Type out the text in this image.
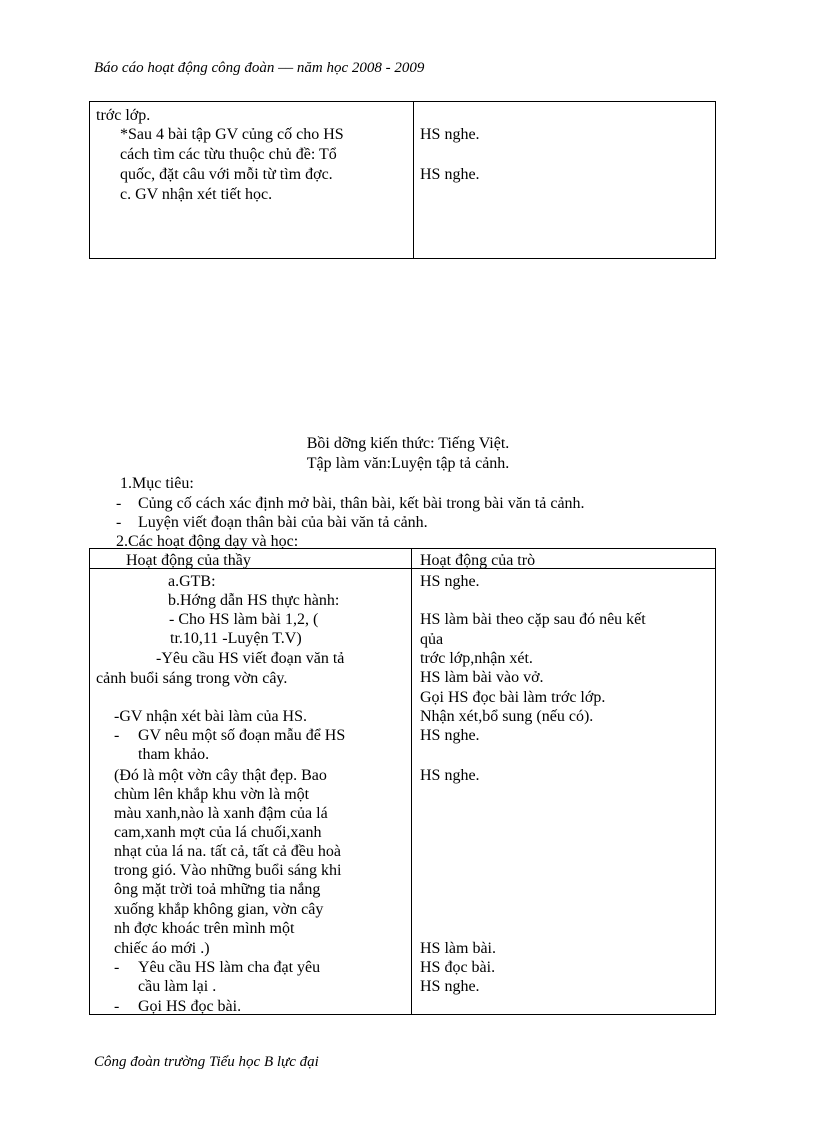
Báo cáo hoạt động công đoàn –– năm học 2008 - 2009
trớc lớp.
*Sau 4 bài tập GV củng cố cho HS
cách tìm các từu thuộc chủ đề: Tổ
quốc, đặt câu với mỗi từ tìm đợc.
c. GV nhận xét tiết học.
HS nghe.
HS nghe.
Bồi dỡng kiến thức: Tiếng Việt.
Tập làm văn:Luyện tập tả cảnh.
1.Mục tiêu:
- Củng cố cách xác định mở bài, thân bài, kết bài trong bài văn tả cảnh.
- Luyện viết đoạn thân bài của bài văn tả cảnh.
2.Các hoạt động dạy và học:
Hoạt động của thầy	Hoạt động của trò
a.GTB:
b.Hớng dẫn HS thực hành:
- Cho HS làm bài 1,2, (
tr.10,11 -Luyện T.V)
-Yêu cầu HS viết đoạn văn tả
cảnh buổi sáng trong vờn cây.
-GV nhận xét bài làm của HS.
- GV nêu một số đoạn mẫu để HS
tham khảo.
(Đó là một vờn cây thật đẹp. Bao
chùm lên khắp khu vờn là một
màu xanh,nào là xanh đậm của lá
cam,xanh mợt của lá chuối,xanh
nhạt của lá na. tất cả, tất cả đều hoà
trong gió. Vào những buổi sáng khi
ông mặt trời toả mhững tia nắng
xuống khắp không gian, vờn cây
nh đợc khoác trên mình một
chiếc áo mới .)
- Yêu cầu HS làm cha đạt yêu
cầu làm lại .
- Gọi HS đọc bài.
HS nghe.
HS làm bài theo cặp sau đó nêu kết
qủa
trớc lớp,nhận xét.
HS làm bài vào vở.
Gọi HS đọc bài làm trớc lớp.
Nhận xét,bổ sung (nếu có).
HS nghe.
HS nghe.
HS làm bài.
HS đọc bài.
HS nghe.
Công đoàn trường Tiểu học B lực đại
